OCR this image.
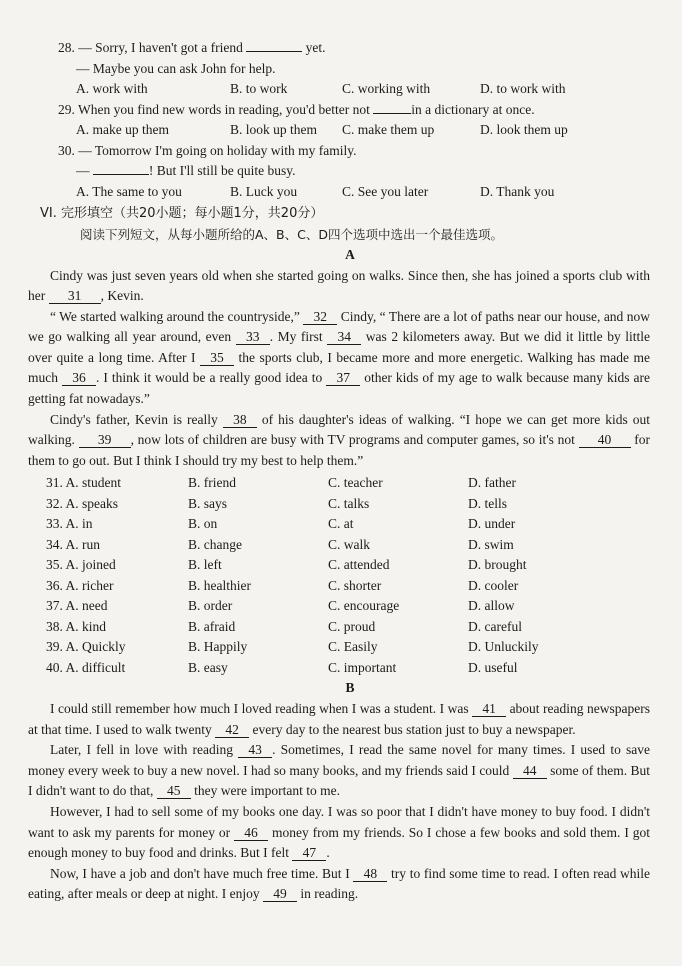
28. — Sorry, I haven't got a friend	yet.
— Maybe you can ask John for help.
A. work with	B. to work	C. working with	D. to work with
29. When you find new words in reading, you'd better not	in a dictionary at once.
A. make up them	B. look up them	C. make them up	D. look them up
30. — Tomorrow I'm going on holiday with my family.
—	! But I'll still be quite busy.
A. The same to you	B. Luck you	C. See you later	D. Thank you
VI. 完形填空（共20小题；每小题1分，共20分）
阅读下列短文，从每小题所给的A、B、C、D四个选项中选出一个最佳选项。
A

Cindy was just seven years old when she started going on walks. Since then, she has joined a sports club with her 31 , Kevin.

“ We started walking around the countryside,” 32 Cindy, “ There are a lot of paths near our house, and now we go walking all year around, even 33 . My first 34 was 2 kilometers away. But we did it little by little over quite a long time. After I 35 the sports club, I became more and more energetic. Walking has made me much 36 . I think it would be a really good idea to 37 other kids of my age to walk because many kids are getting fat nowadays.”

Cindy's father, Kevin is really 38 of his daughter's ideas of walking. “I hope we can get more kids out walking. 39 , now lots of children are busy with TV programs and computer games, so it's not 40 for them to go out. But I think I should try my best to help them.”

31. A. student	B. friend	C. teacher	D. father
32. A. speaks	B. says	C. talks	D. tells
33. A. in	B. on	C. at	D. under
34. A. run	B. change	C. walk	D. swim
35. A. joined	B. left	C. attended	D. brought
36. A. richer	B. healthier	C. shorter	D. cooler
37. A. need	B. order	C. encourage	D. allow
38. A. kind	B. afraid	C. proud	D. careful
39. A. Quickly	B. Happily	C. Easily	D. Unluckily
40. A. difficult	B. easy	C. important	D. useful
B

I could still remember how much I loved reading when I was a student. I was 41 about reading newspapers at that time. I used to walk twenty 42 every day to the nearest bus station just to buy a newspaper.

Later, I fell in love with reading 43 . Sometimes, I read the same novel for many times. I used to save money every week to buy a new novel. I had so many books, and my friends said I could 44 some of them. But I didn't want to do that, 45 they were important to me.

However, I had to sell some of my books one day. I was so poor that I didn't have money to buy food. I didn't want to ask my parents for money or 46 money from my friends. So I chose a few books and sold them. I got enough money to buy food and drinks. But I felt 47 .

Now, I have a job and don't have much free time. But I 48 try to find some time to read. I often read while eating, after meals or deep at night. I enjoy 49 in reading.
